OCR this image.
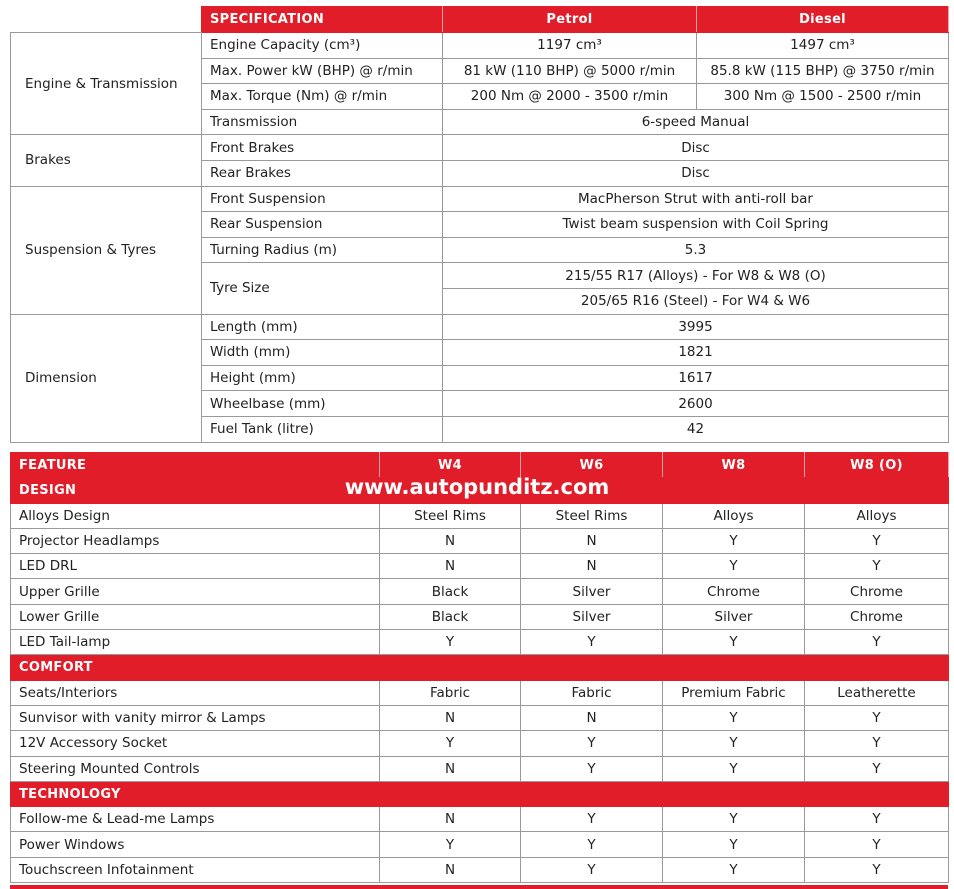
	SPECIFICATION	Petrol	Diesel
Engine & Transmission	Engine Capacity (cm³)	1197 cm³	1497 cm³
	Max. Power kW (BHP) @ r/min	81 kW (110 BHP) @ 5000 r/min	85.8 kW (115 BHP) @ 3750 r/min
	Max. Torque (Nm) @ r/min	200 Nm @ 2000 - 3500 r/min	300 Nm @ 1500 - 2500 r/min
	Transmission	6-speed Manual	
Brakes	Front Brakes	Disc	
	Rear Brakes	Disc	
Suspension & Tyres	Front Suspension	MacPherson Strut with anti-roll bar	
	Rear Suspension	Twist beam suspension with Coil Spring	
	Turning Radius (m)	5.3	
	Tyre Size	215/55 R17 (Alloys) - For W8 & W8 (O)	
		205/65 R16 (Steel) - For W4 & W6	
Dimension	Length (mm)	3995	
	Width (mm)	1821	
	Height (mm)	1617	
	Wheelbase (mm)	2600	
	Fuel Tank (litre)	42	
FEATURE	W4	W6	W8	W8 (O)
DESIGN				
Alloys Design	Steel Rims	Steel Rims	Alloys	Alloys
Projector Headlamps	N	N	Y	Y
LED DRL	N	N	Y	Y
Upper Grille	Black	Silver	Chrome	Chrome
Lower Grille	Black	Silver	Silver	Chrome
LED Tail-lamp	Y	Y	Y	Y
COMFORT				
Seats/Interiors	Fabric	Fabric	Premium Fabric	Leatherette
Sunvisor with vanity mirror & Lamps	N	N	Y	Y
12V Accessory Socket	Y	Y	Y	Y
Steering Mounted Controls	N	Y	Y	Y
TECHNOLOGY				
Follow-me & Lead-me Lamps	N	Y	Y	Y
Power Windows	Y	Y	Y	Y
Touchscreen Infotainment	N	Y	Y	Y
www.autopunditz.com
